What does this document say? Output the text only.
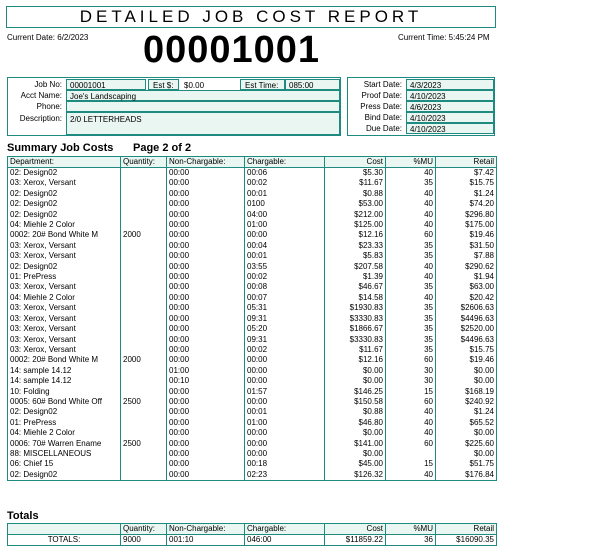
DETAILED JOB COST REPORT
Current Date: 6/2/2023	Current Time: 5:45:24 PM
00001001
Job No: 00001001	Est $: $0.00	Est Time: 085:00
Acct Name: Joe's Landscaping
Phone:
Description: 2/0 LETTERHEADS
Start Date: 4/3/2023
Proof Date: 4/10/2023
Press Date: 4/6/2023
Bind Date: 4/10/2023
Due Date: 4/10/2023
Summary Job Costs Page 2 of 2
Department:	Quantity:	Non-Chargable:	Chargable:	Cost	%MU	Retail
02: Design02		00:00	00:06	$5.30	40	$7.42
03: Xerox, Versant		00:00	00:02	$11.67	35	$15.75
02: Design02		00:00	00:01	$0.88	40	$1.24
02: Design02		00:00	0100	$53.00	40	$74.20
02: Design02		00:00	04:00	$212.00	40	$296.80
04: Miehle 2 Color		00:00	01:00	$125.00	40	$175.00
0002: 20# Bond White M	2000	00:00	00:00	$12.16	60	$19.46
03: Xerox, Versant		00:00	00:04	$23.33	35	$31.50
03: Xerox, Versant		00:00	00:01	$5.83	35	$7.88
02: Design02		00:00	03:55	$207.58	40	$290.62
01: PrePress		00:00	00:02	$1.39	40	$1.94
03: Xerox, Versant		00:00	00:08	$46.67	35	$63.00
04: Miehle 2 Color		00:00	00:07	$14.58	40	$20.42
03: Xerox, Versant		00:00	05:31	$1930.83	35	$2606.63
03: Xerox, Versant		00:00	09:31	$3330.83	35	$4496.63
03: Xerox, Versant		00:00	05:20	$1866.67	35	$2520.00
03: Xerox, Versant		00:00	09:31	$3330.83	35	$4496.63
03: Xerox, Versant		00:00	00:02	$11.67	35	$15.75
0002: 20# Bond White M	2000	00:00	00:00	$12.16	60	$19.46
14: sample 14.12		01:00	00:00	$0.00	30	$0.00
14: sample 14.12		00:10	00:00	$0.00	30	$0.00
10: Folding		00:00	01:57	$146.25	15	$168.19
0005: 60# Bond White Off	2500	00:00	00:00	$150.58	60	$240.92
02: Design02		00:00	00:01	$0.88	40	$1.24
01: PrePress		00:00	01:00	$46.80	40	$65.52
04: Miehle 2 Color		00:00	00:00	$0.00	40	$0.00
0006: 70# Warren Ename	2500	00:00	00:00	$141.00	60	$225.60
88: MISCELLANEOUS		00:00	00:00	$0.00		$0.00
06: Chief 15		00:00	00:18	$45.00	15	$51.75
02: Design02		00:00	02:23	$126.32	40	$176.84
Totals
	Quantity:	Non-Chargable:	Chargable:	Cost	%MU	Retail
TOTALS:	9000	001:10	046:00	$11859.22	36	$16090.35
